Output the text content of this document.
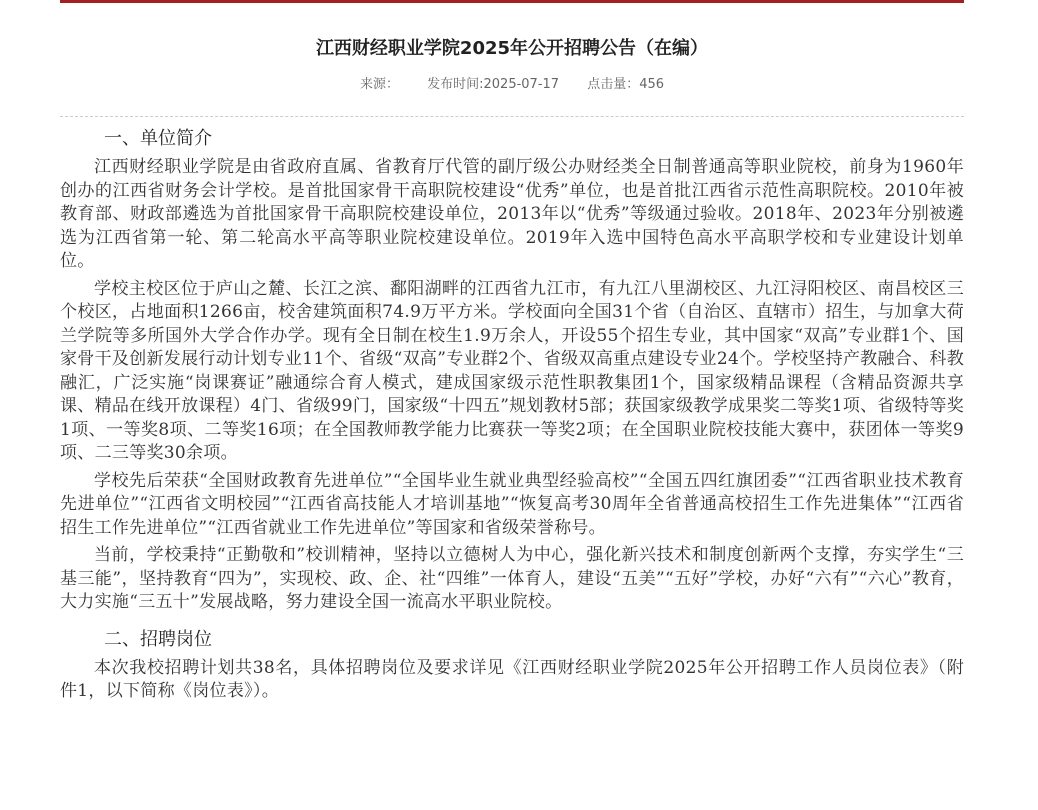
江西财经职业学院2025年公开招聘公告（在编）
来源： 发布时间:2025-07-17 点击量：456
一、单位简介

江西财经职业学院是由省政府直属、省教育厅代管的副厅级公办财经类全日制普通高等职业院校，前身为1960年创办的江西省财务会计学校。是首批国家骨干高职院校建设“优秀”单位，也是首批江西省示范性高职院校。2010年被教育部、财政部遴选为首批国家骨干高职院校建设单位，2013年以“优秀”等级通过验收。2018年、2023年分别被遴选为江西省第一轮、第二轮高水平高等职业院校建设单位。2019年入选中国特色高水平高职学校和专业建设计划单位。

学校主校区位于庐山之麓、长江之滨、鄱阳湖畔的江西省九江市，有九江八里湖校区、九江浔阳校区、南昌校区三个校区，占地面积1266亩，校舍建筑面积74.9万平方米。学校面向全国31个省（自治区、直辖市）招生，与加拿大荷兰学院等多所国外大学合作办学。现有全日制在校生1.9万余人，开设55个招生专业，其中国家“双高”专业群1个、国家骨干及创新发展行动计划专业11个、省级“双高”专业群2个、省级双高重点建设专业24个。学校坚持产教融合、科教融汇，广泛实施“岗课赛证”融通综合育人模式，建成国家级示范性职教集团1个，国家级精品课程（含精品资源共享课、精品在线开放课程）4门、省级99门，国家级“十四五”规划教材5部；获国家级教学成果奖二等奖1项、省级特等奖1项、一等奖8项、二等奖16项；在全国教师教学能力比赛获一等奖2项；在全国职业院校技能大赛中，获团体一等奖9项、二三等奖30余项。

学校先后荣获“全国财政教育先进单位”“全国毕业生就业典型经验高校”“全国五四红旗团委”“江西省职业技术教育先进单位”“江西省文明校园”“江西省高技能人才培训基地”“恢复高考30周年全省普通高校招生工作先进集体”“江西省招生工作先进单位”“江西省就业工作先进单位”等国家和省级荣誉称号。

当前，学校秉持“正勤敬和”校训精神，坚持以立德树人为中心，强化新兴技术和制度创新两个支撑，夯实学生“三基三能”，坚持教育“四为”，实现校、政、企、社“四维”一体育人，建设“五美”“五好”学校，办好“六有”“六心”教育，大力实施“三五十”发展战略，努力建设全国一流高水平职业院校。

二、招聘岗位

本次我校招聘计划共38名，具体招聘岗位及要求详见《江西财经职业学院2025年公开招聘工作人员岗位表》（附件1，以下简称《岗位表》）。
